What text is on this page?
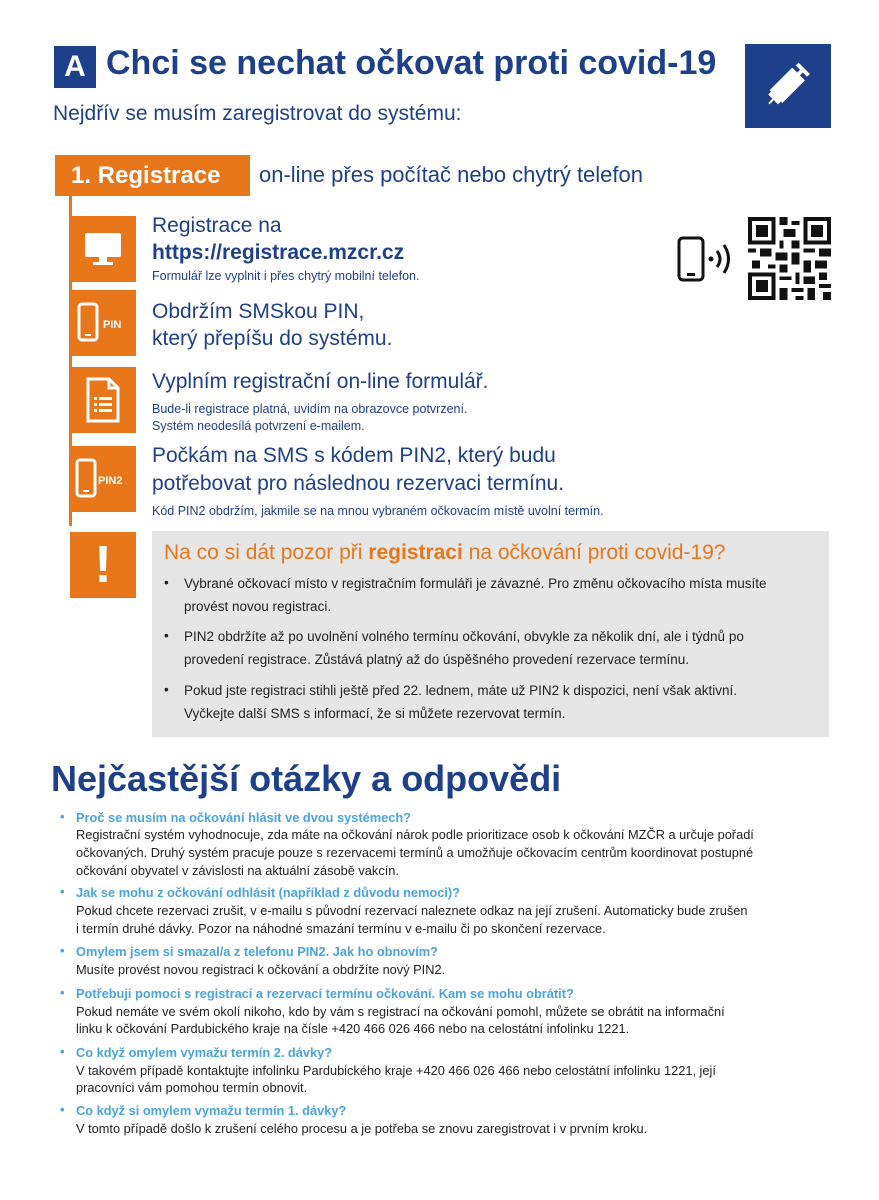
A Chci se nechat očkovat proti covid-19
Nejdřív se musím zaregistrovat do systému:
1. Registrace	on-line přes počítač nebo chytrý telefon
Registrace na
https://registrace.mzcr.cz
Formulář lze vyplnit i přes chytrý mobilní telefon.
PIN
Obdržím SMSkou PIN,
který přepíšu do systému.
Vyplním registrační on-line formulář.
Bude-li registrace platná, uvidím na obrazovce potvrzení.
Systém neodesílá potvrzení e-mailem.
PIN2
Počkám na SMS s kódem PIN2, který budu
potřebovat pro následnou rezervaci termínu.
Kód PIN2 obdržím, jakmile se na mnou vybraném očkovacím místě uvolní termín.
!	Na co si dát pozor při registraci na očkování proti covid-19?
• Vybrané očkovací místo v registračním formuláři je závazné. Pro změnu očkovacího místa musíte
provést novou registraci.
• PIN2 obdržíte až po uvolnění volného termínu očkování, obvykle za několik dní, ale i týdnů po
provedení registrace. Zůstává platný až do úspěšného provedení rezervace termínu.
• Pokud jste registraci stihli ještě před 22. lednem, máte už PIN2 k dispozici, není však aktivní.
Vyčkejte další SMS s informací, že si můžete rezervovat termín.
Nejčastější otázky a odpovědi
• Proč se musím na očkování hlásit ve dvou systémech?
Registrační systém vyhodnocuje, zda máte na očkování nárok podle prioritizace osob k očkování MZČR a určuje pořadí
očkovaných. Druhý systém pracuje pouze s rezervacemi termínů a umožňuje očkovacím centrům koordinovat postupné
očkování obyvatel v závislosti na aktuální zásobě vakcín.
• Jak se mohu z očkování odhlásit (například z důvodu nemoci)?
Pokud chcete rezervaci zrušit, v e-mailu s původní rezervací naleznete odkaz na její zrušení. Automaticky bude zrušen
i termín druhé dávky. Pozor na náhodné smazání termínu v e-mailu či po skončení rezervace.
• Omylem jsem si smazal/a z telefonu PIN2. Jak ho obnovím?
Musíte provést novou registraci k očkování a obdržíte nový PIN2.
• Potřebuji pomoci s registrací a rezervací termínu očkování. Kam se mohu obrátit?
Pokud nemáte ve svém okolí nikoho, kdo by vám s registrací na očkování pomohl, můžete se obrátit na informační
linku k očkování Pardubického kraje na čísle +420 466 026 466 nebo na celostátní infolinku 1221.
• Co když omylem vymažu termín 2. dávky?
V takovém případě kontaktujte infolinku Pardubického kraje +420 466 026 466 nebo celostátní infolinku 1221, její
pracovníci vám pomohou termín obnovit.
• Co když si omylem vymažu termín 1. dávky?
V tomto případě došlo k zrušení celého procesu a je potřeba se znovu zaregistrovat i v prvním kroku.
